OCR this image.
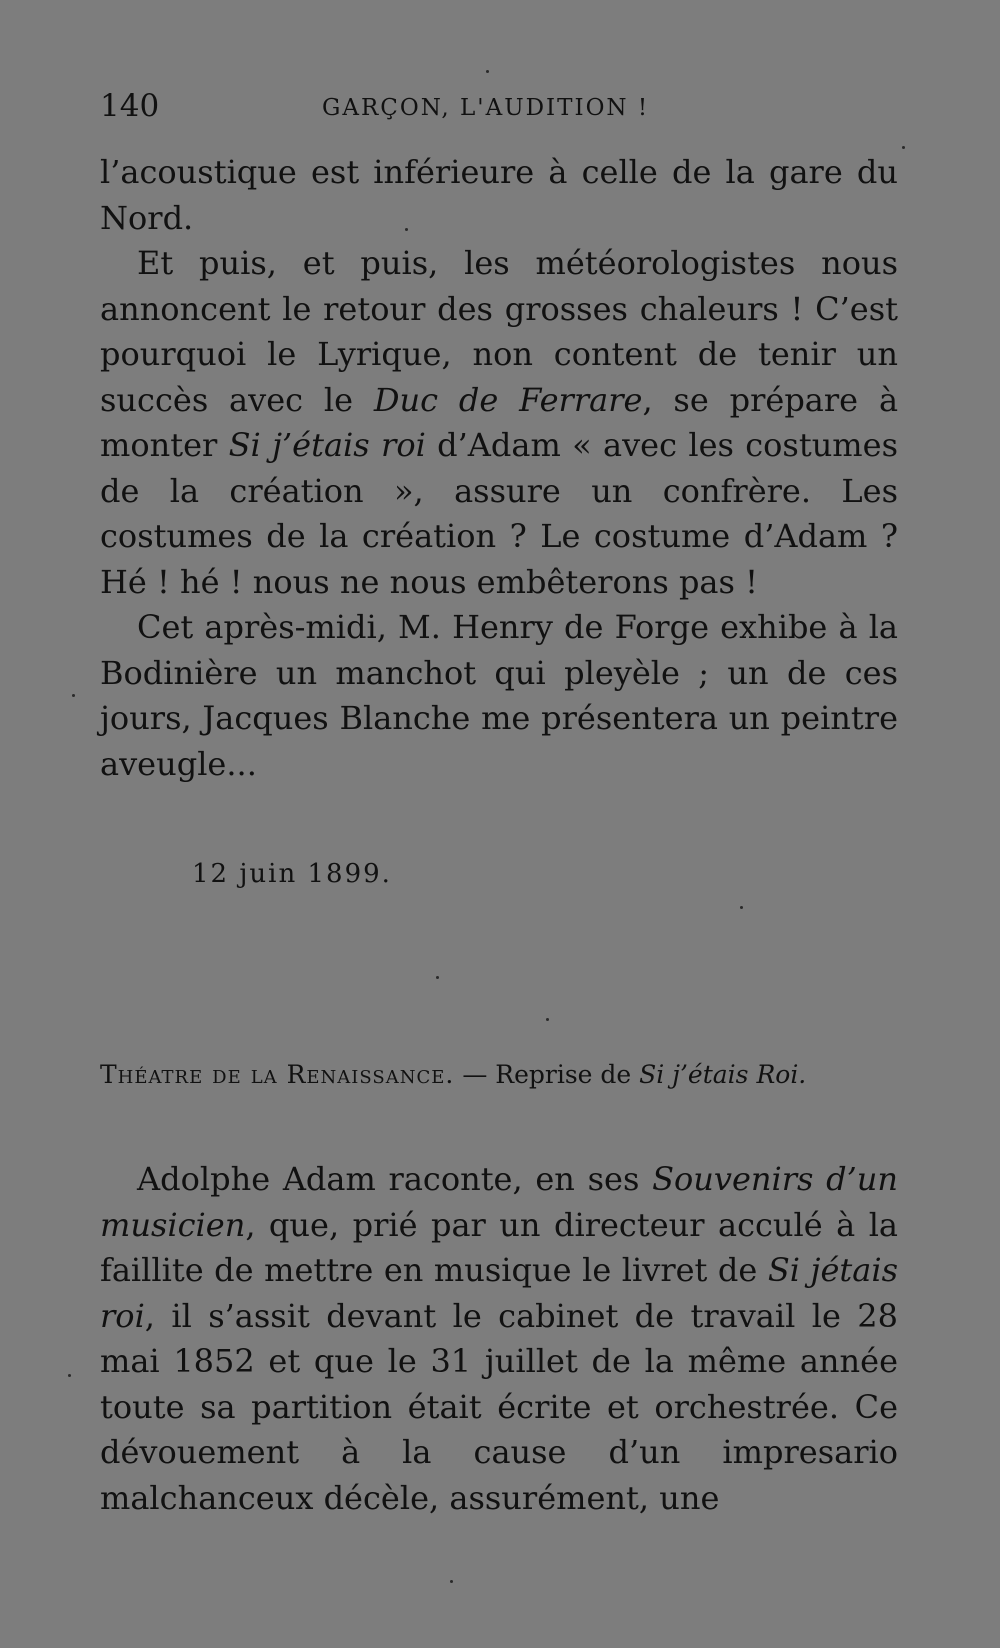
140	GARÇON, L'AUDITION !

l’acoustique est inférieure à celle de la gare du Nord.

Et puis, et puis, les météorologistes nous annoncent le retour des grosses chaleurs ! C’est pourquoi le Lyrique, non content de tenir un succès avec le Duc de Ferrare, se prépare à monter Si j’étais roi d’Adam « avec les costumes de la création », assure un confrère. Les costumes de la création ? Le costume d’Adam ? Hé ! hé ! nous ne nous embêterons pas !

Cet après-midi, M. Henry de Forge exhibe à la Bodinière un manchot qui pleyèle ; un de ces jours, Jacques Blanche me présentera un peintre aveugle...

12 juin 1899.
Théatre de la Renaissance. — Reprise de Si j’étais Roi.

Adolphe Adam raconte, en ses Souvenirs d’un musicien, que, prié par un directeur acculé à la faillite de mettre en musique le livret de Si jétais roi, il s’assit devant le cabinet de travail le 28 mai 1852 et que le 31 juillet de la même année toute sa partition était écrite et orchestrée. Ce dévouement à la cause d’un impresario malchanceux décèle, assurément, une
